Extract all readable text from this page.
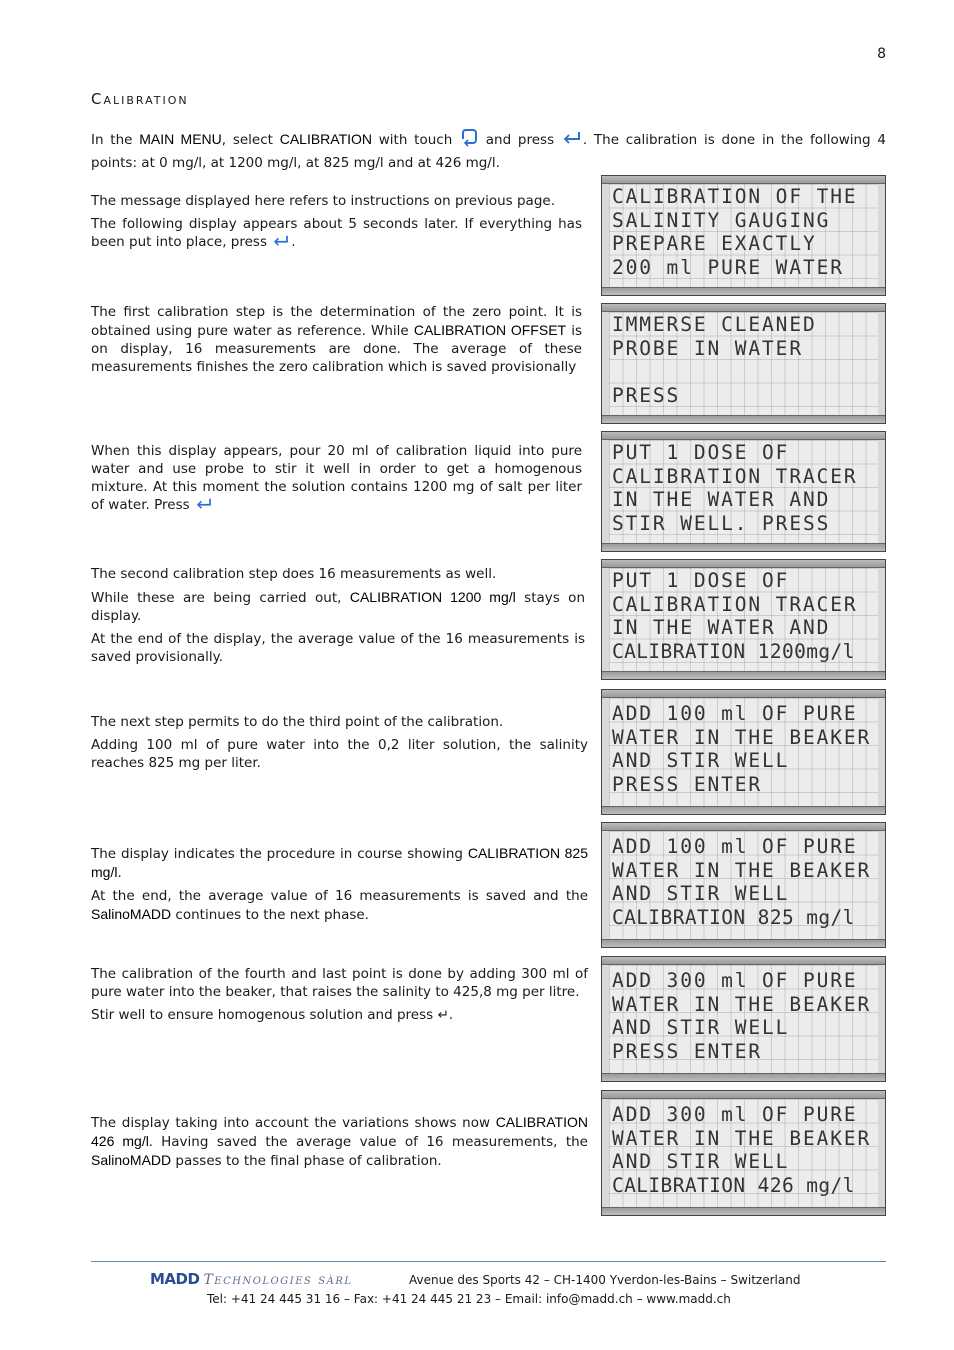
8
Calibration

In the MAIN MENU, select CALIBRATION with touch  and press . The calibration is done in the following 4 points: at 0 mg/l, at 1200 mg/l, at 825 mg/l and at 426 mg/l.

The message displayed here refers to instructions on previous page.

The following display appears about 5 seconds later. If everything has been put into place, press .

CALIBRATION OF THE
SALINITY GAUGING
PREPARE EXACTLY
200 ml PURE WATER

The first calibration step is the determination of the zero point. It is obtained using pure water as reference. While CALIBRATION OFFSET is on display, 16 measurements are done. The average of these measurements finishes the zero calibration which is saved provisionally

IMMERSE CLEANED
PROBE IN WATER
PRESS

When this display appears, pour 20 ml of calibration liquid into pure water and use probe to stir it well in order to get a homogenous mixture. At this moment the solution contains 1200 mg of salt per liter of water. Press

PUT 1 DOSE OF
CALIBRATION TRACER
IN THE WATER AND
STIR WELL. PRESS

The second calibration step does 16 measurements as well.

While these are being carried out, CALIBRATION 1200 mg/l stays on display.

At the end of the display, the average value of the 16 measurements is saved provisionally.

PUT 1 DOSE OF
CALIBRATION TRACER
IN THE WATER AND
CALIBRATION 1200mg/l

The next step permits to do the third point of the calibration.

Adding 100 ml of pure water into the 0,2 liter solution, the salinity reaches 825 mg per liter.

ADD 100 ml OF PURE
WATER IN THE BEAKER
AND STIR WELL
PRESS ENTER

The display indicates the procedure in course showing CALIBRATION 825 mg/l.

At the end, the average value of 16 measurements is saved and the SalinoMADD continues to the next phase.

ADD 100 ml OF PURE
WATER IN THE BEAKER
AND STIR WELL
CALIBRATION 825 mg/l

The calibration of the fourth and last point is done by adding 300 ml of pure water into the beaker, that raises the salinity to 425,8 mg per litre.

Stir well to ensure homogenous solution and press ↵.

ADD 300 ml OF PURE
WATER IN THE BEAKER
AND STIR WELL
PRESS ENTER

The display taking into account the variations shows now CALIBRATION 426 mg/l. Having saved the average value of 16 measurements, the SalinoMADD passes to the final phase of calibration.

ADD 300 ml OF PURE
WATER IN THE BEAKER
AND STIR WELL
CALIBRATION 426 mg/l
MADD Technologies sàrl	Avenue des Sports 42 – CH-1400 Yverdon-les-Bains – Switzerland
Tel: +41 24 445 31 16 – Fax: +41 24 445 21 23 – Email: info@madd.ch – www.madd.ch
